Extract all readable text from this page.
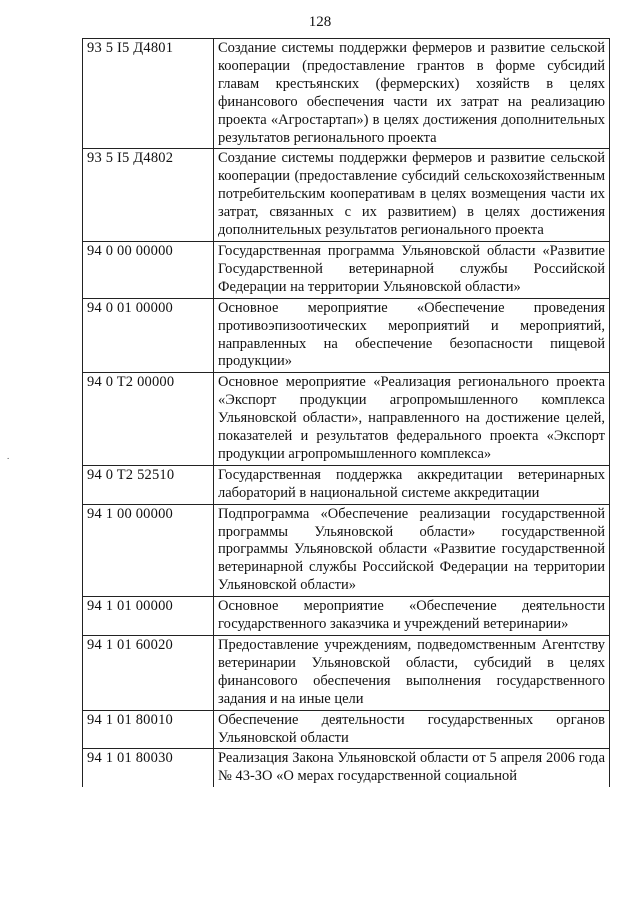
128
.
93 5 I5 Д4801	Создание системы поддержки фермеров и развитие сельской кооперации (предоставление грантов в форме субсидий главам крестьянских (фермерских) хозяйств в целях финансового обеспечения части их затрат на реализацию проекта «Агростартап») в целях достижения дополнительных результатов регионального проекта
93 5 I5 Д4802	Создание системы поддержки фермеров и развитие сельской кооперации (предоставление субсидий сельскохозяйственным потребительским кооперативам в целях возмещения части их затрат, связанных с их развитием) в целях достижения дополнительных результатов регионального проекта
94 0 00 00000	Государственная программа Ульяновской области «Развитие Государственной ветеринарной службы Российской Федерации на территории Ульяновской области»
94 0 01 00000	Основное мероприятие «Обеспечение проведения противоэпизоотических мероприятий и мероприятий, направленных на обеспечение безопасности пищевой продукции»
94 0 T2 00000	Основное мероприятие «Реализация регионального проекта «Экспорт продукции агропромышленного комплекса Ульяновской области», направленного на достижение целей, показателей и результатов федерального проекта «Экспорт продукции агропромышленного комплекса»
94 0 T2 52510	Государственная поддержка аккредитации ветеринарных лабораторий в национальной системе аккредитации
94 1 00 00000	Подпрограмма «Обеспечение реализации государственной программы Ульяновской области» государственной программы Ульяновской области «Развитие государственной ветеринарной службы Российской Федерации на территории Ульяновской области»
94 1 01 00000	Основное мероприятие «Обеспечение деятельности государственного заказчика и учреждений ветеринарии»
94 1 01 60020	Предоставление учреждениям, подведомственным Агентству ветеринарии Ульяновской области, субсидий в целях финансового обеспечения выполнения государственного задания и на иные цели
94 1 01 80010	Обеспечение деятельности государственных органов Ульяновской области
94 1 01 80030	Реализация Закона Ульяновской области от 5 апреля 2006 года № 43-ЗО «О мерах государственной социальной
